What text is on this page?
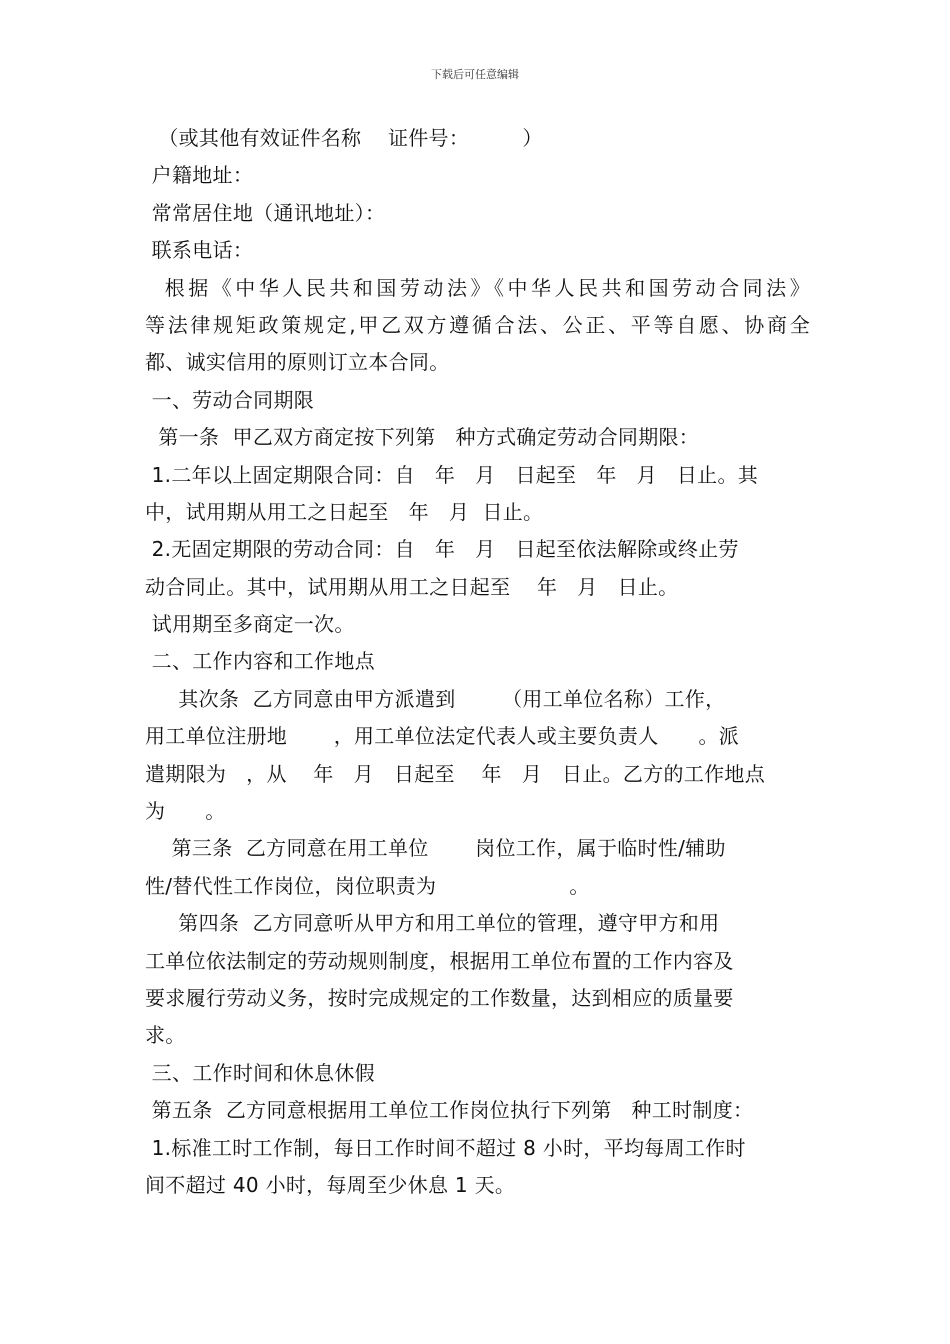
下载后可任意编辑
（或其他有效证件名称    证件号：        ）
户籍地址：
常常居住地（通讯地址）：
联系电话：
根据《中华人民共和国劳动法》《中华人民共和国劳动合同法》
等法律规矩政策规定,甲乙双方遵循合法、公正、平等自愿、协商全
都、诚实信用的原则订立本合同。
一、劳动合同期限
第一条  甲乙双方商定按下列第   种方式确定劳动合同期限：
1.二年以上固定期限合同：自   年   月   日起至   年   月   日止。其
中，试用期从用工之日起至   年   月  日止。
2.无固定期限的劳动合同：自   年   月   日起至依法解除或终止劳
动合同止。其中，试用期从用工之日起至    年   月   日止。
试用期至多商定一次。
二、工作内容和工作地点
其次条  乙方同意由甲方派遣到       （用工单位名称）工作，
用工单位注册地       ，用工单位法定代表人或主要负责人      。派
遣期限为   ，从    年   月   日起至    年   月   日止。乙方的工作地点
为      。
第三条  乙方同意在用工单位       岗位工作，属于临时性/辅助
性/替代性工作岗位，岗位职责为                    。
第四条  乙方同意听从甲方和用工单位的管理，遵守甲方和用
工单位依法制定的劳动规则制度，根据用工单位布置的工作内容及
要求履行劳动义务，按时完成规定的工作数量，达到相应的质量要
求。
三、工作时间和休息休假
第五条  乙方同意根据用工单位工作岗位执行下列第   种工时制度：
1.标准工时工作制，每日工作时间不超过 8 小时，平均每周工作时
间不超过 40 小时，每周至少休息 1 天。
